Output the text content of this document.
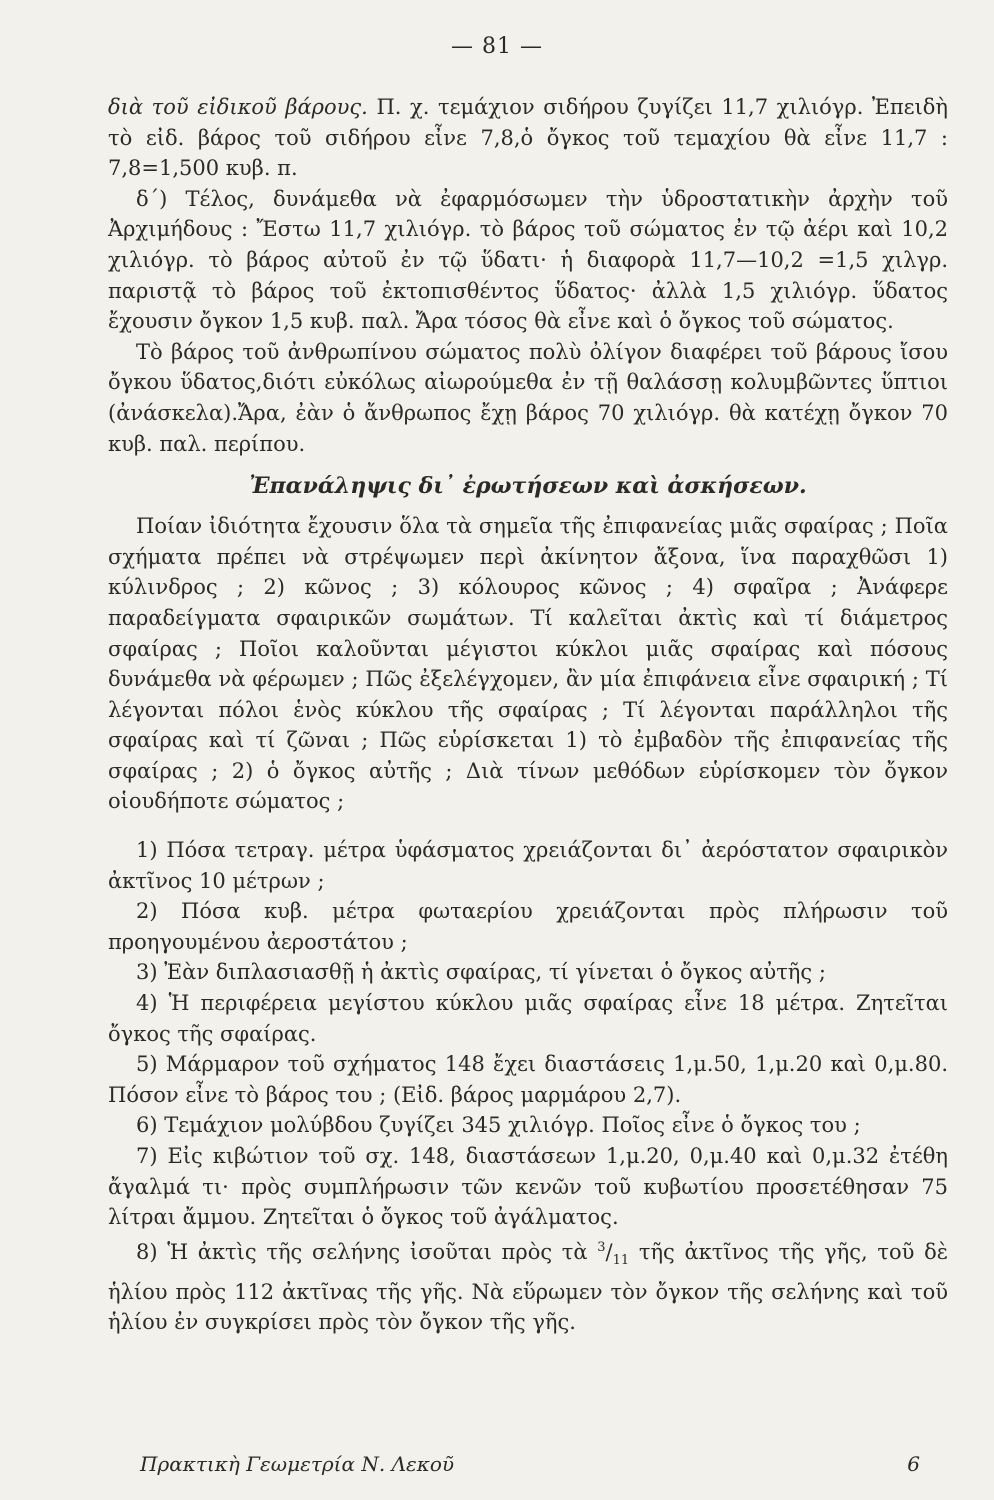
— 81 —

διὰ τοῦ εἰδικοῦ βάρους. Π. χ. τεμάχιον σιδήρου ζυγίζει 11,7 χιλιόγρ. Ἐπειδὴ τὸ εἰδ. βάρος τοῦ σιδήρου εἶνε 7,8,ὁ ὄγκος τοῦ τεμαχίου θὰ εἶνε 11,7 : 7,8=1,500 κυβ. π.

δ΄) Τέλος, δυνάμεθα νὰ ἐφαρμόσωμεν τὴν ὑδροστατικὴν ἀρχὴν τοῦ Ἀρχιμήδους : Ἔστω 11,7 χιλιόγρ. τὸ βάρος τοῦ σώματος ἐν τῷ ἀέρι καὶ 10,2 χιλιόγρ. τὸ βάρος αὐτοῦ ἐν τῷ ὕδατι· ἡ διαφορὰ 11,7—10,2 =1,5 χιλγρ. παριστᾷ τὸ βάρος τοῦ ἐκτοπισθέντος ὕδατος· ἀλλὰ 1,5 χιλιόγρ. ὕδατος ἔχουσιν ὄγκον 1,5 κυβ. παλ. Ἄρα τόσος θὰ εἶνε καὶ ὁ ὄγκος τοῦ σώματος.

Τὸ βάρος τοῦ ἀνθρωπίνου σώματος πολὺ ὀλίγον διαφέρει τοῦ βάρους ἴσου ὄγκου ὕδατος,διότι εὐκόλως αἰωρούμεθα ἐν τῇ θαλάσσῃ κολυμβῶντες ὕπτιοι (ἀνάσκελα).Ἄρα, ἐὰν ὁ ἄνθρωπος ἔχῃ βάρος 70 χιλιόγρ. θὰ κατέχῃ ὄγκον 70 κυβ. παλ. περίπου.

Ἐπανάληψις δι᾽ ἐρωτήσεων καὶ ἀσκήσεων.

Ποίαν ἰδιότητα ἔχουσιν ὅλα τὰ σημεῖα τῆς ἐπιφανείας μιᾶς σφαίρας ; Ποῖα σχήματα πρέπει νὰ στρέψωμεν περὶ ἀκίνητον ἄξονα, ἵνα παραχθῶσι 1) κύλινδρος ; 2) κῶνος ; 3) κόλουρος κῶνος ; 4) σφαῖρα ; Ἀνάφερε παραδείγματα σφαιρικῶν σωμάτων. Τί καλεῖται ἀκτὶς καὶ τί διάμετρος σφαίρας ; Ποῖοι καλοῦνται μέγιστοι κύκλοι μιᾶς σφαίρας καὶ πόσους δυνάμεθα νὰ φέρωμεν ; Πῶς ἐξελέγχομεν, ἂν μία ἐπιφάνεια εἶνε σφαιρική ; Τί λέγονται πόλοι ἑνὸς κύκλου τῆς σφαίρας ; Τί λέγονται παράλληλοι τῆς σφαίρας καὶ τί ζῶναι ; Πῶς εὑρίσκεται 1) τὸ ἐμβαδὸν τῆς ἐπιφανείας τῆς σφαίρας ; 2) ὁ ὄγκος αὐτῆς ; Διὰ τίνων μεθόδων εὑρίσκομεν τὸν ὄγκον οἱουδήποτε σώματος ;

1) Πόσα τετραγ. μέτρα ὑφάσματος χρειάζονται δι᾽ ἀερόστατον σφαιρικὸν ἀκτῖνος 10 μέτρων ;

2) Πόσα κυβ. μέτρα φωταερίου χρειάζονται πρὸς πλήρωσιν τοῦ προηγουμένου ἀεροστάτου ;

3) Ἐὰν διπλασιασθῇ ἡ ἀκτὶς σφαίρας, τί γίνεται ὁ ὄγκος αὐτῆς ;

4) Ἡ περιφέρεια μεγίστου κύκλου μιᾶς σφαίρας εἶνε 18 μέτρα. Ζητεῖται ὄγκος τῆς σφαίρας.

5) Μάρμαρον τοῦ σχήματος 148 ἔχει διαστάσεις 1,μ.50, 1,μ.20 καὶ 0,μ.80. Πόσον εἶνε τὸ βάρος του ; (Εἰδ. βάρος μαρμάρου 2,7).

6) Τεμάχιον μολύβδου ζυγίζει 345 χιλιόγρ. Ποῖος εἶνε ὁ ὄγκος του ;

7) Εἰς κιβώτιον τοῦ σχ. 148, διαστάσεων 1,μ.20, 0,μ.40 καὶ 0,μ.32 ἐτέθη ἄγαλμά τι· πρὸς συμπλήρωσιν τῶν κενῶν τοῦ κυβωτίου προσετέθησαν 75 λίτραι ἄμμου. Ζητεῖται ὁ ὄγκος τοῦ ἀγάλματος.

8) Ἡ ἀκτὶς τῆς σελήνης ἰσοῦται πρὸς τὰ $^3/_{11}$ τῆς ἀκτῖνος τῆς γῆς, τοῦ δὲ ἡλίου πρὸς 112 ἀκτῖνας τῆς γῆς. Νὰ εὕρωμεν τὸν ὄγκον τῆς σελήνης καὶ τοῦ ἡλίου ἐν συγκρίσει πρὸς τὸν ὄγκον τῆς γῆς.

Πρακτικὴ Γεωμετρία Ν. Λεκοῦ	6
